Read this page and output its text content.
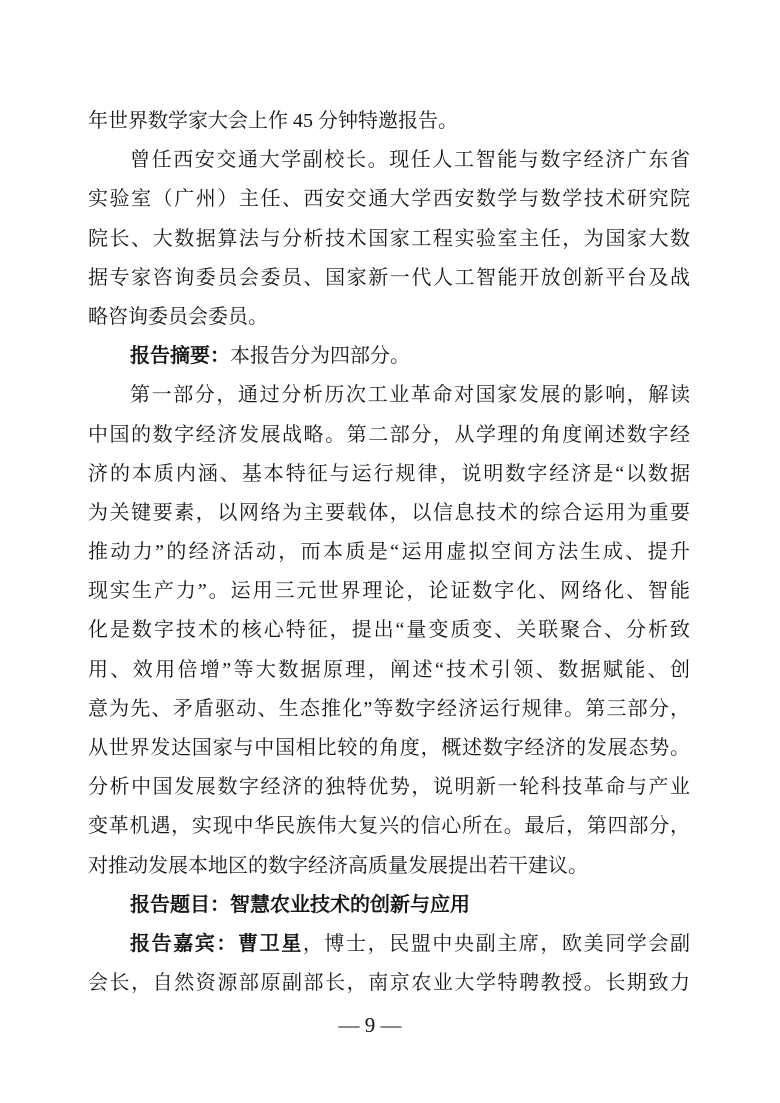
年世界数学家大会上作 45 分钟特邀报告。
曾任西安交通大学副校长。现任人工智能与数字经济广东省
实验室（广州）主任、西安交通大学西安数学与数学技术研究院
院长、大数据算法与分析技术国家工程实验室主任，为国家大数
据专家咨询委员会委员、国家新一代人工智能开放创新平台及战
略咨询委员会委员。
报告摘要：本报告分为四部分。
第一部分，通过分析历次工业革命对国家发展的影响，解读
中国的数字经济发展战略。第二部分，从学理的角度阐述数字经
济的本质内涵、基本特征与运行规律，说明数字经济是“以数据
为关键要素，以网络为主要载体，以信息技术的综合运用为重要
推动力”的经济活动，而本质是“运用虚拟空间方法生成、提升
现实生产力”。运用三元世界理论，论证数字化、网络化、智能
化是数字技术的核心特征，提出“量变质变、关联聚合、分析致
用、效用倍增”等大数据原理，阐述“技术引领、数据赋能、创
意为先、矛盾驱动、生态推化”等数字经济运行规律。第三部分，
从世界发达国家与中国相比较的角度，概述数字经济的发展态势。
分析中国发展数字经济的独特优势，说明新一轮科技革命与产业
变革机遇，实现中华民族伟大复兴的信心所在。最后，第四部分，
对推动发展本地区的数字经济高质量发展提出若干建议。
报告题目：智慧农业技术的创新与应用
报告嘉宾：曹卫星，博士，民盟中央副主席，欧美同学会副
会长，自然资源部原副部长，南京农业大学特聘教授。长期致力
— 9 —
